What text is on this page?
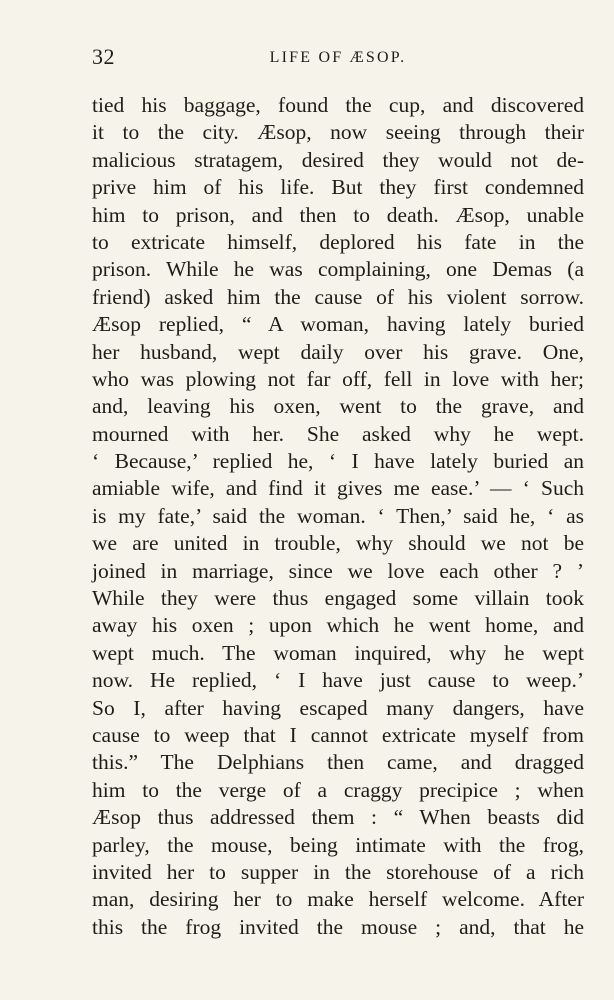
32	LIFE OF ÆSOP.
tied his baggage, found the cup, and discovered
it to the city. Æsop, now seeing through their
malicious stratagem, desired they would not de-
prive him of his life. But they first condemned
him to prison, and then to death. Æsop, unable
to extricate himself, deplored his fate in the
prison. While he was complaining, one Demas (a
friend) asked him the cause of his violent sorrow.
Æsop replied, “ A woman, having lately buried
her husband, wept daily over his grave. One,
who was plowing not far off, fell in love with her;
and, leaving his oxen, went to the grave, and
mourned with her. She asked why he wept.
‘ Because,’ replied he, ‘ I have lately buried an
amiable wife, and find it gives me ease.’ — ‘ Such
is my fate,’ said the woman. ‘ Then,’ said he, ‘ as
we are united in trouble, why should we not be
joined in marriage, since we love each other ? ’
While they were thus engaged some villain took
away his oxen ; upon which he went home, and
wept much. The woman inquired, why he wept
now. He replied, ‘ I have just cause to weep.’
So I, after having escaped many dangers, have
cause to weep that I cannot extricate myself from
this.” The Delphians then came, and dragged
him to the verge of a craggy precipice ; when
Æsop thus addressed them : “ When beasts did
parley, the mouse, being intimate with the frog,
invited her to supper in the storehouse of a rich
man, desiring her to make herself welcome. After
this the frog invited the mouse ; and, that he
